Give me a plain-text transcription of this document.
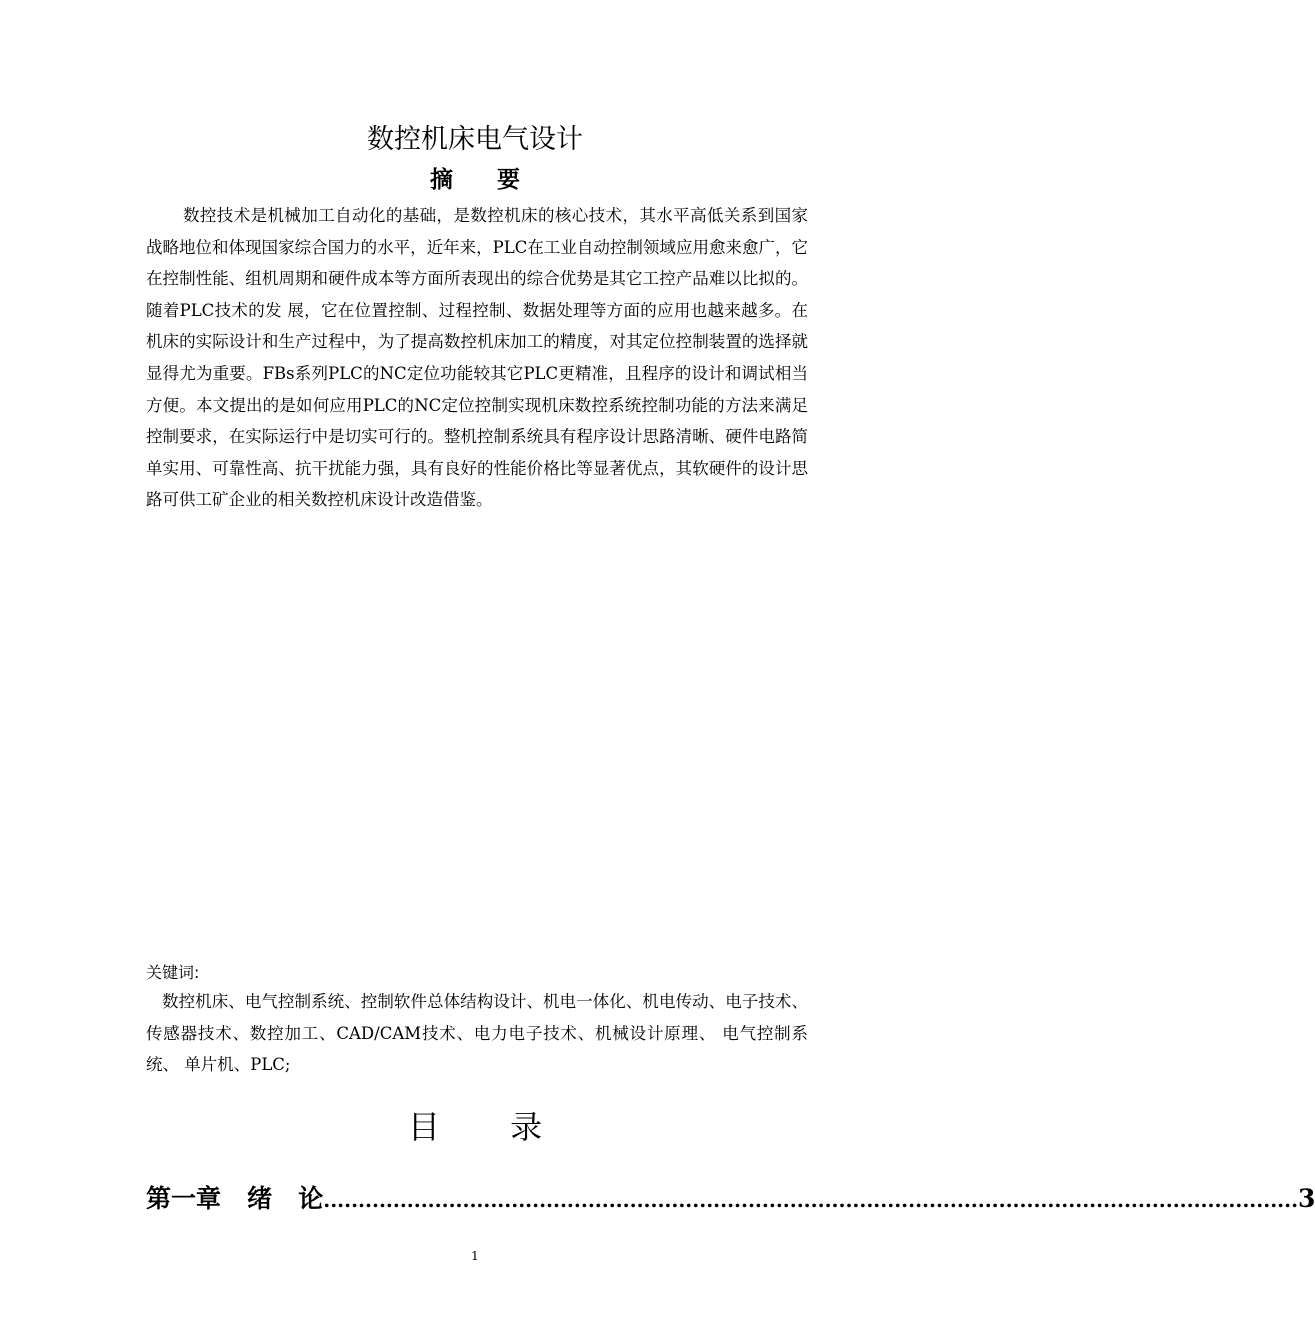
数控机床电气设计
摘 要

数控技术是机械加工自动化的基础，是数控机床的核心技术，其水平高低关系到国家战略地位和体现国家综合国力的水平，近年来，PLC在工业自动控制领域应用愈来愈广，它在控制性能、组机周期和硬件成本等方面所表现出的综合优势是其它工控产品难以比拟的。随着PLC技术的发 展，它在位置控制、过程控制、数据处理等方面的应用也越来越多。在机床的实际设计和生产过程中，为了提高数控机床加工的精度，对其定位控制装置的选择就显得尤为重要。FBs系列PLC的NC定位功能较其它PLC更精准，且程序的设计和调试相当方便。本文提出的是如何应用PLC的NC定位控制实现机床数控系统控制功能的方法来满足控制要求，在实际运行中是切实可行的。整机控制系统具有程序设计思路清晰、硬件电路简单实用、可靠性高、抗干扰能力强，具有良好的性能价格比等显著优点，其软硬件的设计思路可供工矿企业的相关数控机床设计改造借鉴。

关键词:

数控机床、电气控制系统、控制软件总体结构设计、机电一体化、机电传动、电子技术、传感器技术、数控加工、CAD/CAM技术、电力电子技术、机械设计原理、 电气控制系统、 单片机、PLC;

目 录
第一章   绪   论 ............................................................................................................................................ 3
1
